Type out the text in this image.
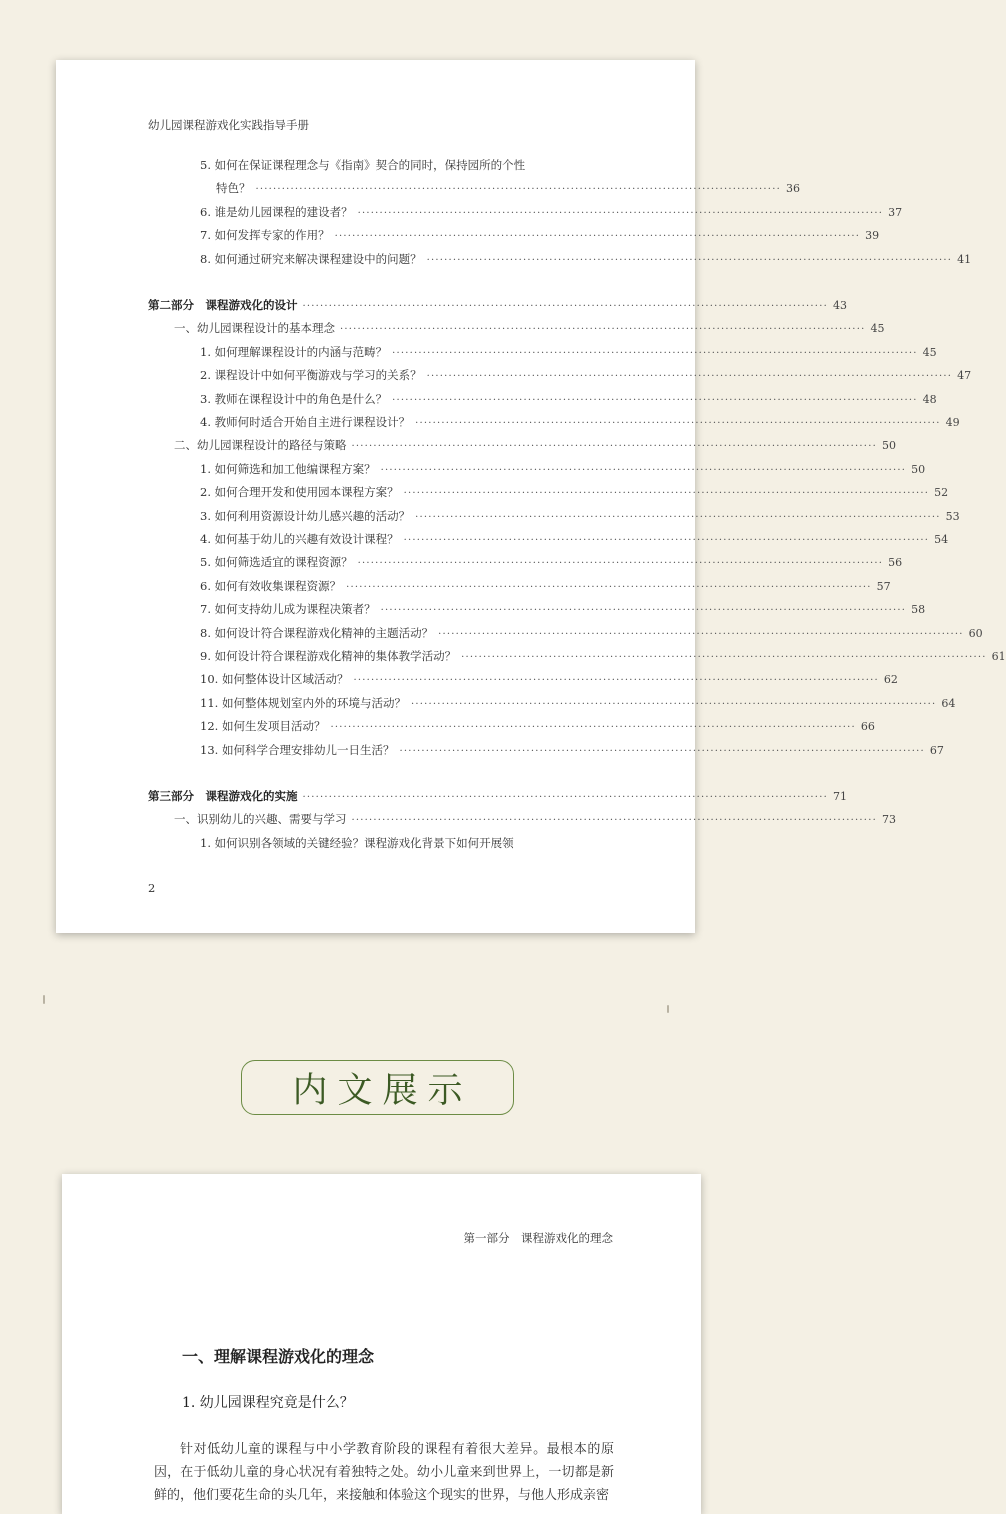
幼儿园课程游戏化实践指导手册
5. 如何在保证课程理念与《指南》契合的同时，保持园所的个性
特色？ ························································································································ 36
6. 谁是幼儿园课程的建设者？ ························································································································ 37
7. 如何发挥专家的作用？ ························································································································ 39
8. 如何通过研究来解决课程建设中的问题？ ························································································································ 41
第二部分　课程游戏化的设计 ························································································································ 43
一、幼儿园课程设计的基本理念 ························································································································ 45
1. 如何理解课程设计的内涵与范畴？ ························································································································ 45
2. 课程设计中如何平衡游戏与学习的关系？ ························································································································ 47
3. 教师在课程设计中的角色是什么？ ························································································································ 48
4. 教师何时适合开始自主进行课程设计？ ························································································································ 49
二、幼儿园课程设计的路径与策略 ························································································································ 50
1. 如何筛选和加工他编课程方案？ ························································································································ 50
2. 如何合理开发和使用园本课程方案？ ························································································································ 52
3. 如何利用资源设计幼儿感兴趣的活动？ ························································································································ 53
4. 如何基于幼儿的兴趣有效设计课程？ ························································································································ 54
5. 如何筛选适宜的课程资源？ ························································································································ 56
6. 如何有效收集课程资源？ ························································································································ 57
7. 如何支持幼儿成为课程决策者？ ························································································································ 58
8. 如何设计符合课程游戏化精神的主题活动？ ························································································································ 60
9. 如何设计符合课程游戏化精神的集体教学活动？ ························································································································ 61
10. 如何整体设计区域活动？ ························································································································ 62
11. 如何整体规划室内外的环境与活动？ ························································································································ 64
12. 如何生发项目活动？ ························································································································ 66
13. 如何科学合理安排幼儿一日生活？ ························································································································ 67
第三部分　课程游戏化的实施 ························································································································ 71
一、识别幼儿的兴趣、需要与学习 ························································································································ 73
1. 如何识别各领域的关键经验？课程游戏化背景下如何开展领
2
内文展示
第一部分　课程游戏化的理念
一、理解课程游戏化的理念
1. 幼儿园课程究竟是什么？
针对低幼儿童的课程与中小学教育阶段的课程有着很大差异。最根本的原因，在于低幼儿童的身心状况有着独特之处。幼小儿童来到世界上，一切都是新鲜的，他们要花生命的头几年，来接触和体验这个现实的世界，与他人形成亲密
